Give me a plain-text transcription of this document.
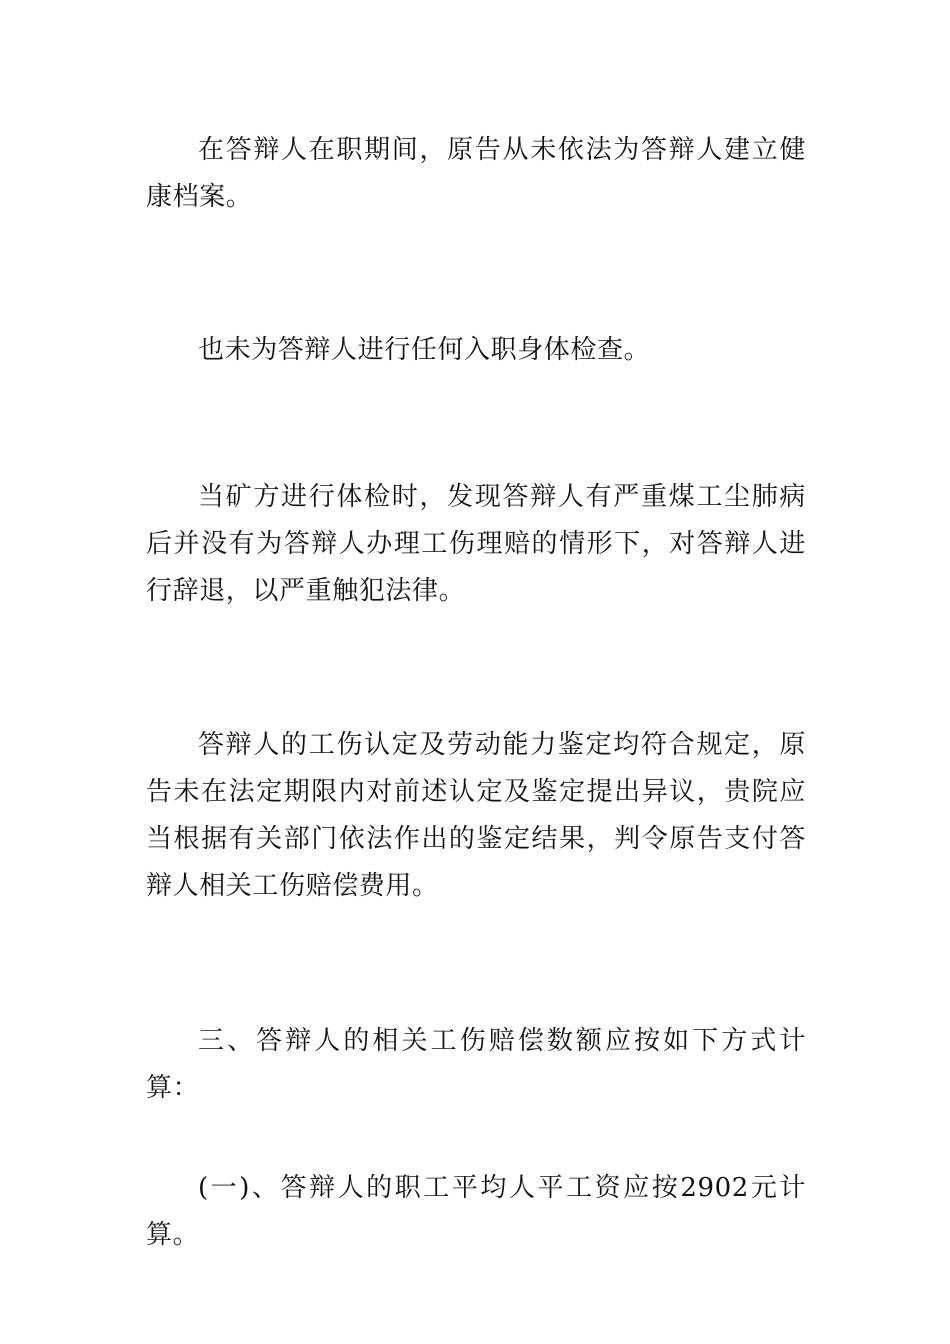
在答辩人在职期间，原告从未依法为答辩人建立健康档案。

也未为答辩人进行任何入职身体检查。

当矿方进行体检时，发现答辩人有严重煤工尘肺病后并没有为答辩人办理工伤理赔的情形下，对答辩人进行辞退，以严重触犯法律。

答辩人的工伤认定及劳动能力鉴定均符合规定，原告未在法定期限内对前述认定及鉴定提出异议，贵院应当根据有关部门依法作出的鉴定结果，判令原告支付答辩人相关工伤赔偿费用。

三、答辩人的相关工伤赔偿数额应按如下方式计算：

(一)、答辩人的职工平均人平工资应按2902元计算。
